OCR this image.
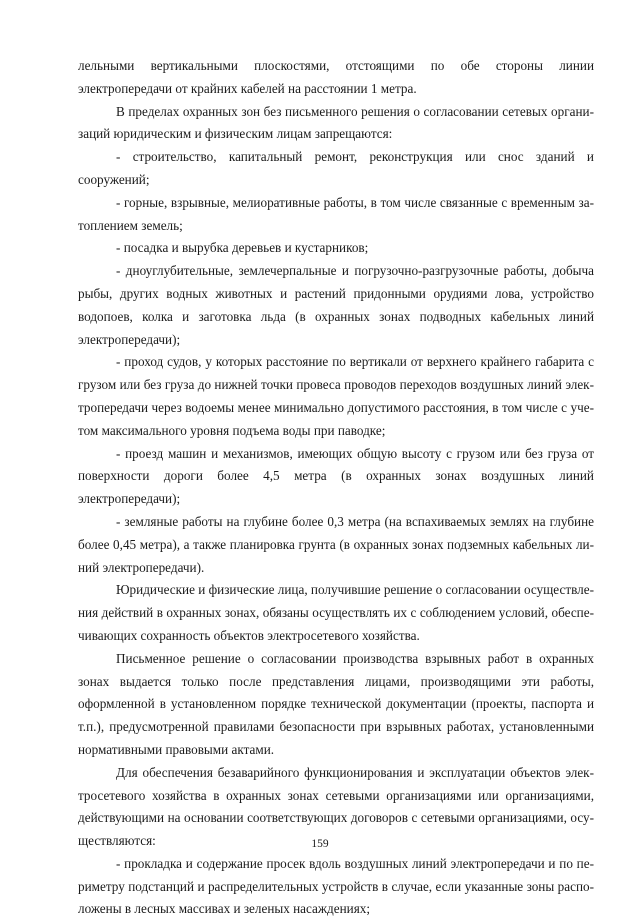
лельными вертикальными плоскостями, отстоящими по обе стороны линии электропередачи от крайних кабелей на расстоянии 1 метра.

В пределах охранных зон без письменного решения о согласовании сетевых организаций юридическим и физическим лицам запрещаются:

- строительство, капитальный ремонт, реконструкция или снос зданий и сооружений;

- горные, взрывные, мелиоративные работы, в том числе связанные с временным затоплением земель;

- посадка и вырубка деревьев и кустарников;

- дноуглубительные, землечерпальные и погрузочно-разгрузочные работы, добыча рыбы, других водных животных и растений придонными орудиями лова, устройство водопоев, колка и заготовка льда (в охранных зонах подводных кабельных линий электропередачи);

- проход судов, у которых расстояние по вертикали от верхнего крайнего габарита с грузом или без груза до нижней точки провеса проводов переходов воздушных линий электропередачи через водоемы менее минимально допустимого расстояния, в том числе с учетом максимального уровня подъема воды при паводке;

- проезд машин и механизмов, имеющих общую высоту с грузом или без груза от поверхности дороги более 4,5 метра (в охранных зонах воздушных линий электропередачи);

- земляные работы на глубине более 0,3 метра (на вспахиваемых землях на глубине более 0,45 метра), а также планировка грунта (в охранных зонах подземных кабельных линий электропередачи).

Юридические и физические лица, получившие решение о согласовании осуществления действий в охранных зонах, обязаны осуществлять их с соблюдением условий, обеспечивающих сохранность объектов электросетевого хозяйства.

Письменное решение о согласовании производства взрывных работ в охранных зонах выдается только после представления лицами, производящими эти работы, оформленной в установленном порядке технической документации (проекты, паспорта и т.п.), предусмотренной правилами безопасности при взрывных работах, установленными нормативными правовыми актами.

Для обеспечения безаварийного функционирования и эксплуатации объектов электросетевого хозяйства в охранных зонах сетевыми организациями или организациями, действующими на основании соответствующих договоров с сетевыми организациями, осуществляются:

- прокладка и содержание просек вдоль воздушных линий электропередачи и по периметру подстанций и распределительных устройств в случае, если указанные зоны расположены в лесных массивах и зеленых насаждениях;

159
